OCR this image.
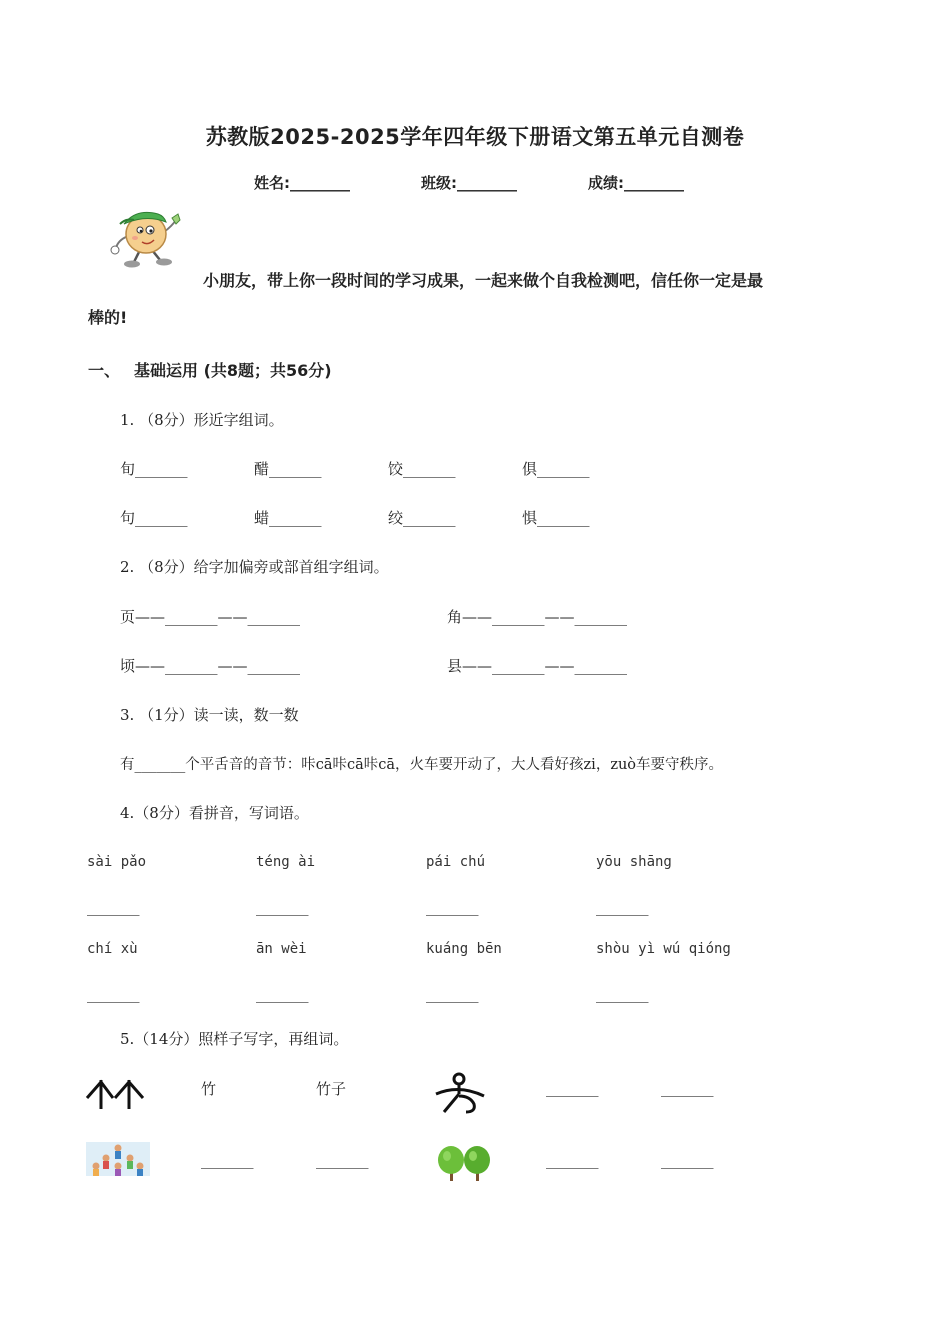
苏教版2025-2025学年四年级下册语文第五单元自测卷
姓名:________	班级:________	成绩:________
小朋友，带上你一段时间的学习成果，一起来做个自我检测吧，信任你一定是最
棒的!
一、 基础运用 (共8题；共56分)
1. （8分）形近字组词。
旬_______	醋_______	饺_______	俱_______
句_______	蜡_______	绞_______	惧_______
2. （8分）给字加偏旁或部首组字组词。
页——_______——_______	角——_______——_______
顷——_______——_______	县——_______——_______
3. （1分）读一读，数一数
有_______个平舌音的音节：咔cā咔cā咔cā，火车要开动了，大人看好孩zi，zuò车要守秩序。
4.（8分）看拼音，写词语。
sài pǎo	téng ài	pái chú	yōu shāng
_______	_______	_______	_______
chí xù	ān wèi	kuáng bēn	shòu yì wú qióng
_______	_______	_______	_______
5.（14分）照样子写字，再组词。
竹	竹子	_______	_______
_______	_______	_______	_______
